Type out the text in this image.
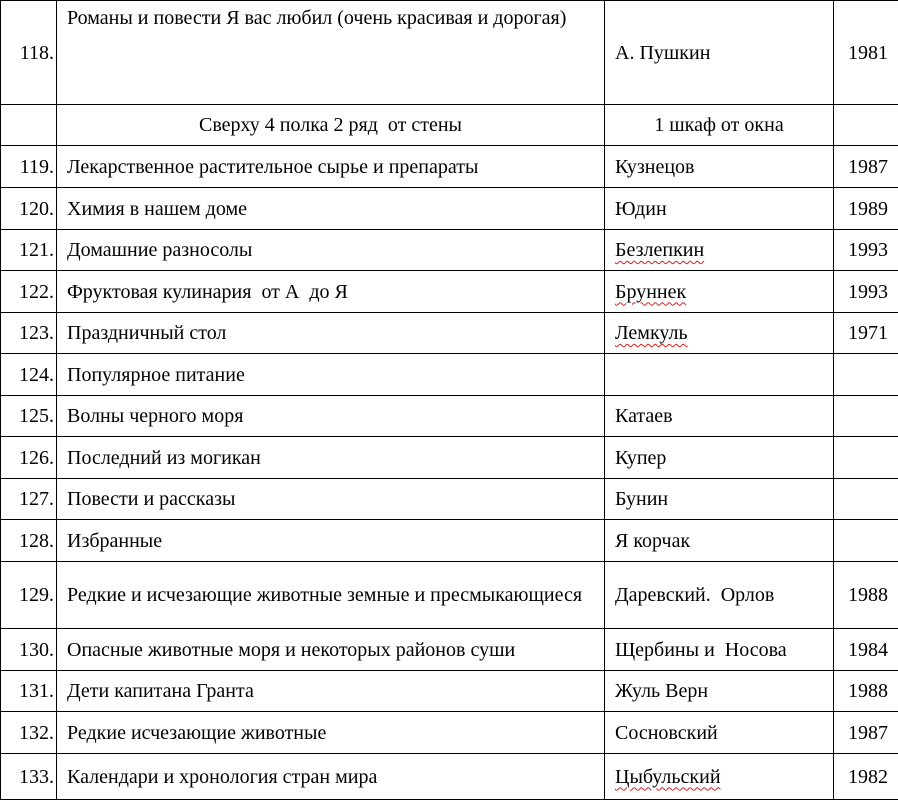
118.	Романы и повести Я вас любил (очень красивая и дорогая)	А. Пушкин	1981
	Сверху 4 полка 2 ряд  от стены	1 шкаф от окна	
119.	Лекарственное растительное сырье и препараты	Кузнецов	1987
120.	Химия в нашем доме	Юдин	1989
121.	Домашние разносолы	Безлепкин	1993
122.	Фруктовая кулинария  от А  до Я	Бруннек	1993
123.	Праздничный стол	Лемкуль	1971
124.	Популярное питание		
125.	Волны черного моря	Катаев	
126.	Последний из могикан	Купер	
127.	Повести и рассказы	Бунин	
128.	Избранные	Я корчак	
129.	Редкие и исчезающие животные земные и пресмыкающиеся	Даревский.  Орлов	1988
130.	Опасные животные моря и некоторых районов суши	Щербины и  Носова	1984
131.	Дети капитана Гранта	Жуль Верн	1988
132.	Редкие исчезающие животные	Сосновский	1987
133.	Календари и хронология стран мира	Цыбульский	1982
